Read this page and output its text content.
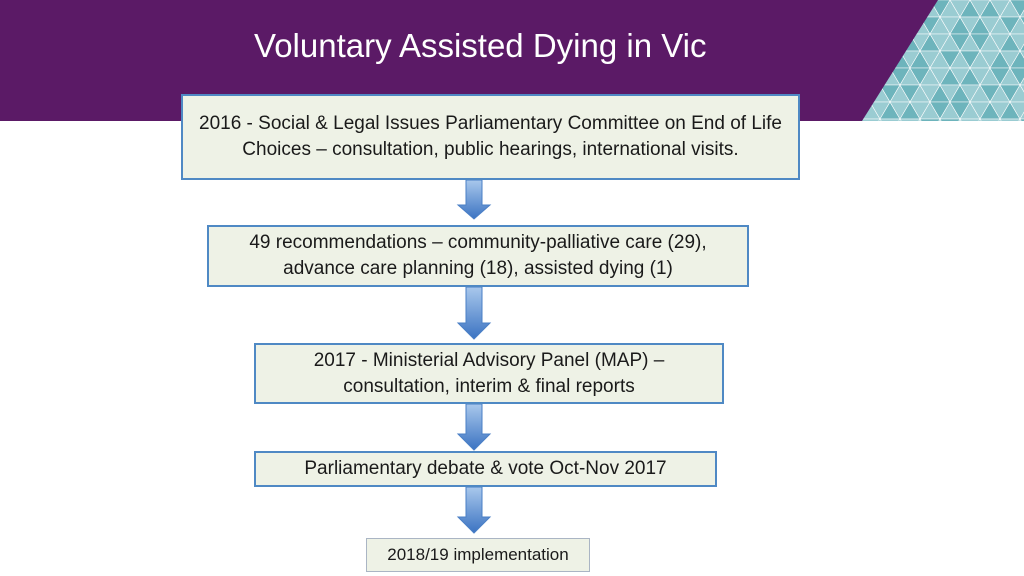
Voluntary Assisted Dying in Vic
2016 - Social & Legal Issues Parliamentary Committee on End of Life Choices – consultation, public hearings, international visits.
49 recommendations – community-palliative care (29), advance care planning (18), assisted dying (1)
2017 - Ministerial Advisory Panel (MAP) – consultation, interim & final reports
Parliamentary debate & vote Oct-Nov 2017
2018/19 implementation
